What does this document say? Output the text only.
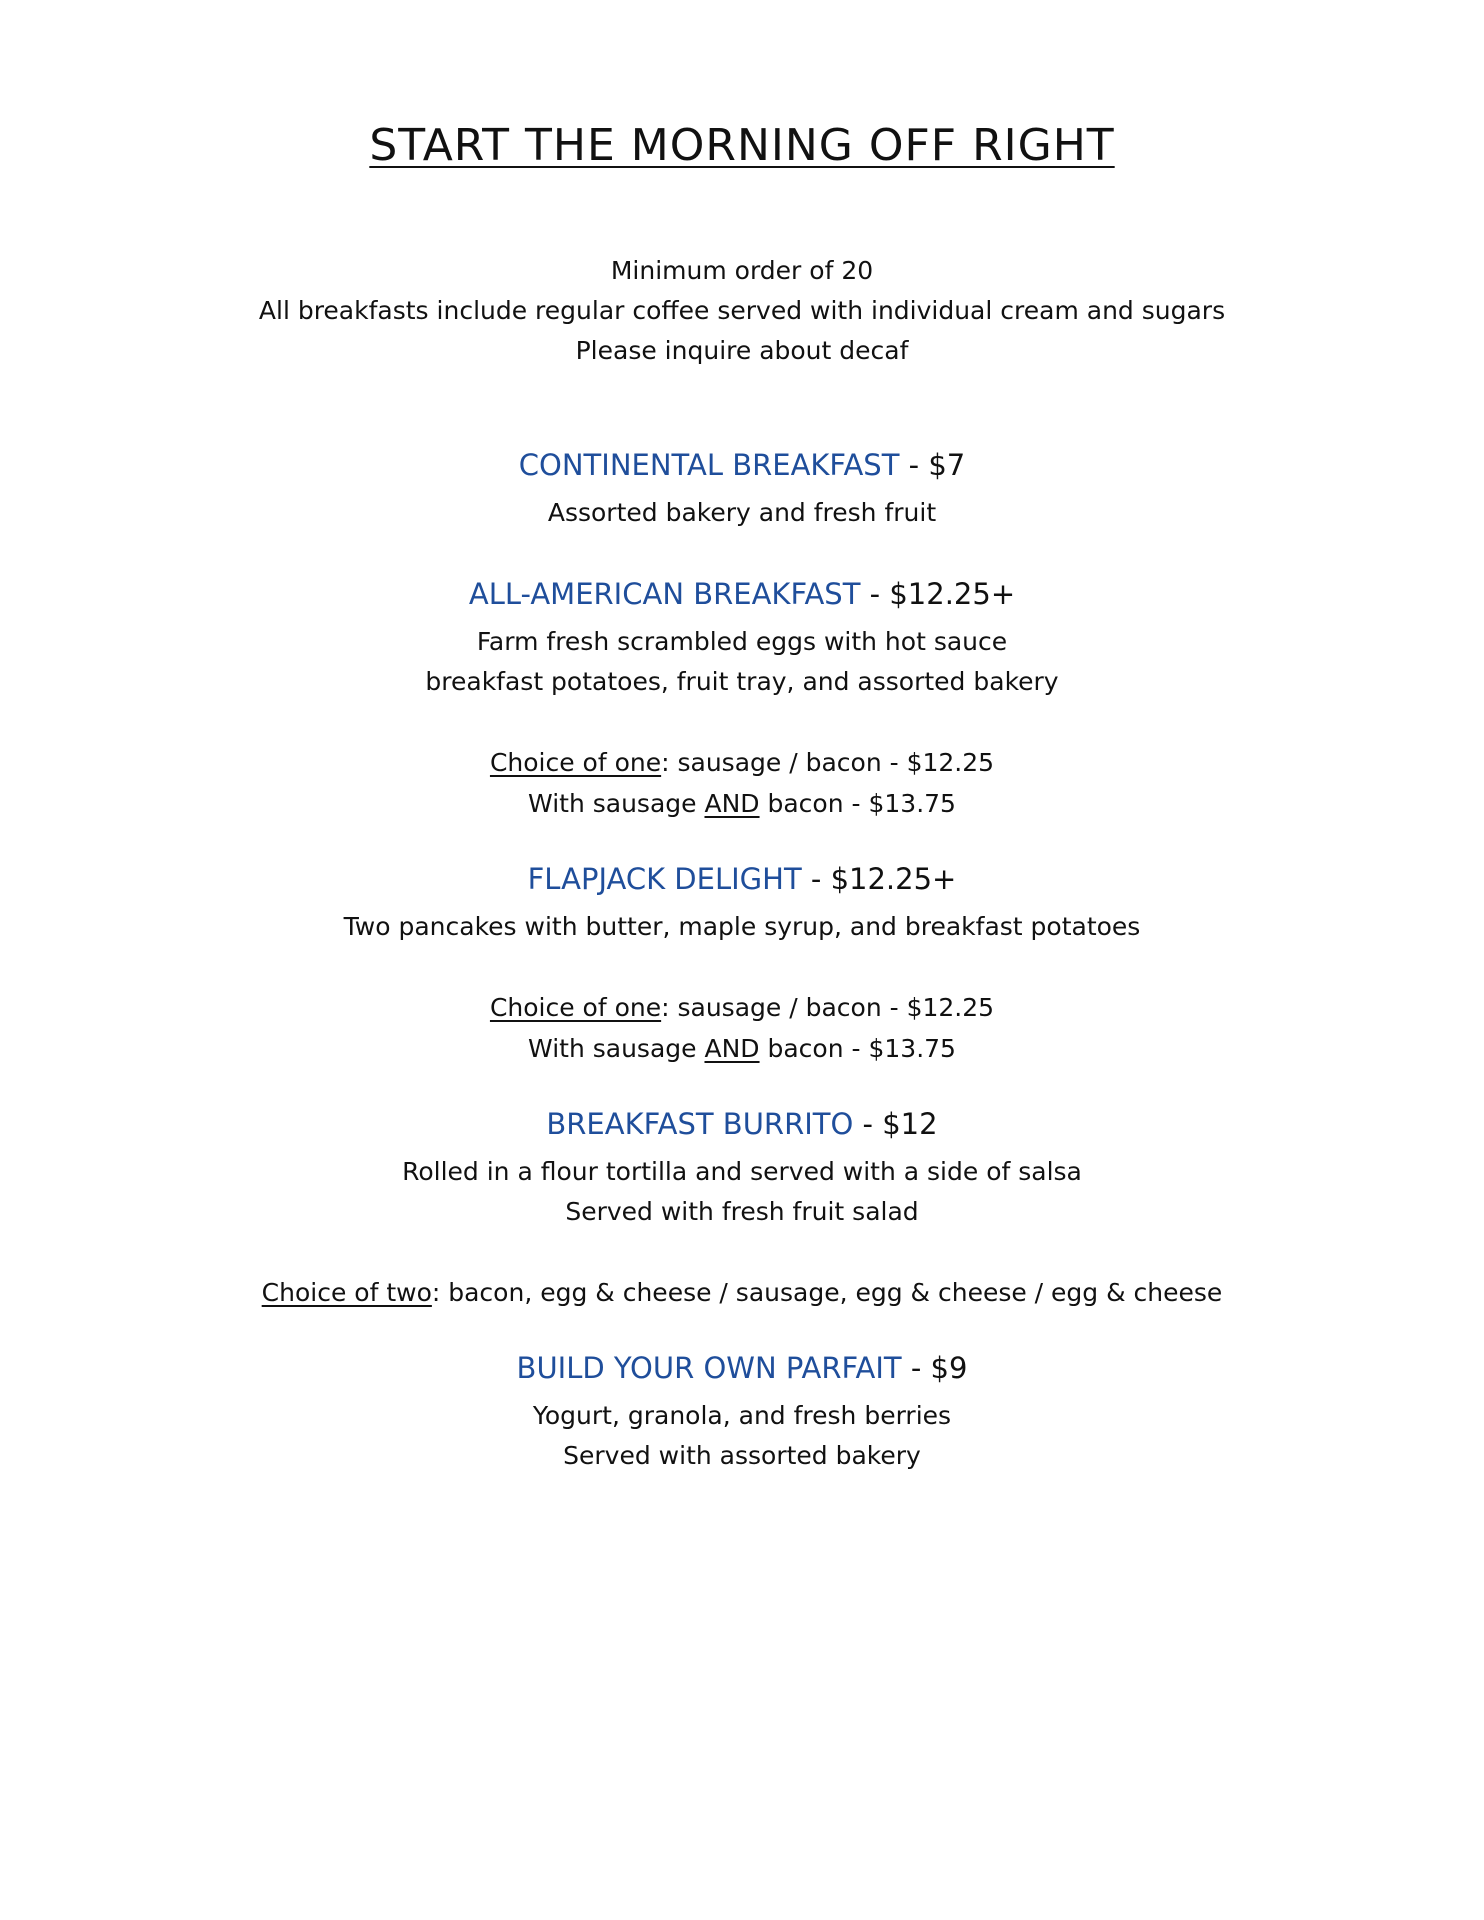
START THE MORNING OFF RIGHT
Minimum order of 20
All breakfasts include regular coffee served with individual cream and sugars
Please inquire about decaf
CONTINENTAL BREAKFAST - $7
Assorted bakery and fresh fruit
ALL-AMERICAN BREAKFAST - $12.25+
Farm fresh scrambled eggs with hot sauce
breakfast potatoes, fruit tray, and assorted bakery
Choice of one: sausage / bacon - $12.25
With sausage AND bacon - $13.75
FLAPJACK DELIGHT - $12.25+
Two pancakes with butter, maple syrup, and breakfast potatoes
Choice of one: sausage / bacon - $12.25
With sausage AND bacon - $13.75
BREAKFAST BURRITO - $12
Rolled in a flour tortilla and served with a side of salsa
Served with fresh fruit salad
Choice of two: bacon, egg & cheese / sausage, egg & cheese / egg & cheese
BUILD YOUR OWN PARFAIT - $9
Yogurt, granola, and fresh berries
Served with assorted bakery
